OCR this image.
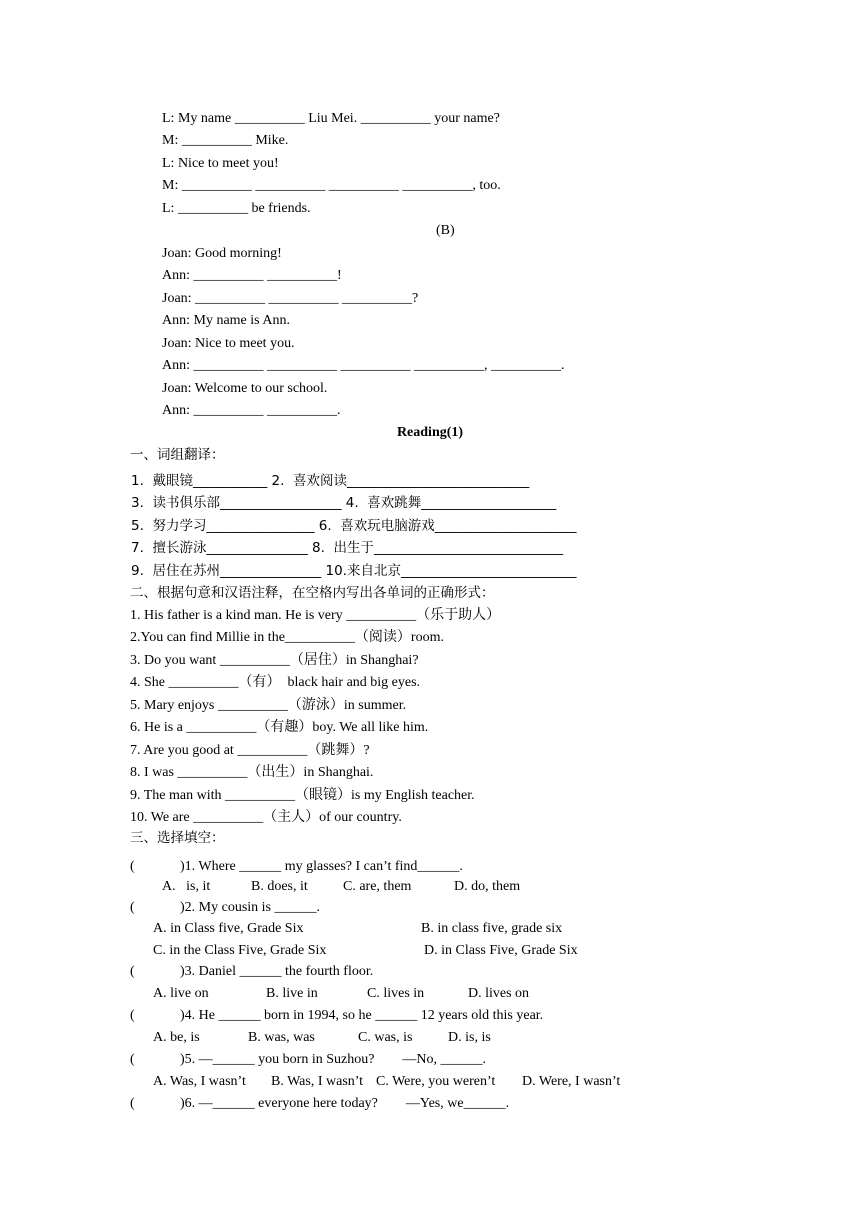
L: My name __________ Liu Mei. __________ your name?
M: __________ Mike.
L: Nice to meet you!
M: __________ __________ __________ __________, too.
L: __________ be friends.
(B)
Joan: Good morning!
Ann: __________ __________!
Joan: __________ __________ __________?
Ann: My name is Ann.
Joan: Nice to meet you.
Ann: __________ __________ __________ __________, __________.
Joan: Welcome to our school.
Ann: __________ __________.
Reading(1)
一、词组翻译：
1.  戴眼镜___________ 2.  喜欢阅读___________________________
3.  读书俱乐部__________________ 4.  喜欢跳舞____________________
5.  努力学习________________ 6.  喜欢玩电脑游戏_____________________
7.  擅长游泳_______________ 8.  出生于____________________________
9.  居住在苏州_______________ 10.来自北京__________________________
二、根据句意和汉语注释，在空格内写出各单词的正确形式：
1. His father is a kind man. He is very __________（乐于助人）
2.You can find Millie in the__________（阅读）room.
3. Do you want __________（居住）in Shanghai?
4. She __________（有）  black hair and big eyes.
5. Mary enjoys __________（游泳）in summer.
6. He is a __________（有趣）boy. We all like him.
7. Are you good at __________（跳舞）?
8. I was __________（出生）in Shanghai.
9. The man with __________（眼镜）is my English teacher.
10. We are __________（主人）of our country.
三、选择填空：
(	)1. Where ______ my glasses? I can’t find______.
A.   is, it	B. does, it	C. are, them	D. do, them
(	)2. My cousin is ______.
A. in Class five, Grade Six	B. in class five, grade six
C. in the Class Five, Grade Six	D. in Class Five, Grade Six
(	)3. Daniel ______ the fourth floor.
A. live on	B. live in	C. lives in	D. lives on
(	)4. He ______ born in 1994, so he ______ 12 years old this year.
A. be, is	B. was, was	C. was, is	D. is, is
(	)5. —______ you born in Suzhou?        —No, ______.
A. Was, I wasn’t B. Was, I wasn’t C. Were, you weren’t D. Were, I wasn’t
(	)6. —______ everyone here today?        —Yes, we______.
